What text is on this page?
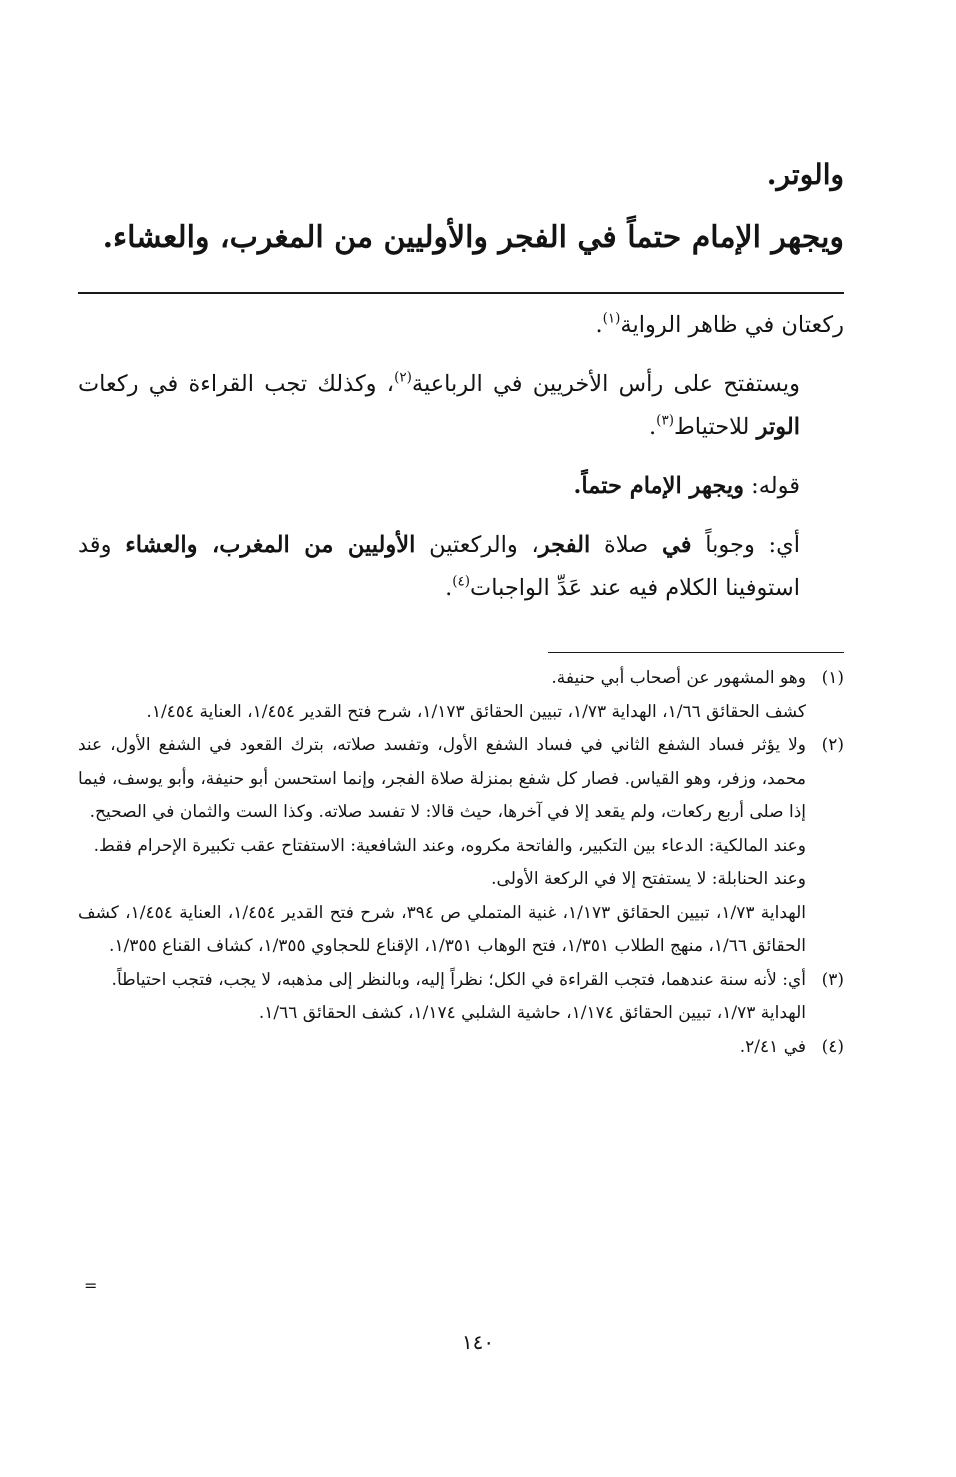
والوتر.

ويجهر الإمام حتماً في الفجر والأوليين من المغرب، والعشاء.

ركعتان في ظاهر الرواية$^{(١)}$.

ويستفتح على رأس الأخريين في الرباعية$^{(٢)}$، وكذلك تجب القراءة في ركعات الوتر للاحتياط$^{(٣)}$.

قوله: ويجهر الإمام حتماً.

أي: وجوباً في صلاة الفجر، والركعتين الأوليين من المغرب، والعشاء وقد استوفينا الكلام فيه عند عَدِّ الواجبات$^{(٤)}$.

(١)

وهو المشهور عن أصحاب أبي حنيفة.

كشف الحقائق ١/٦٦، الهداية ١/٧٣، تبيين الحقائق ١/١٧٣، شرح فتح القدير ١/٤٥٤، العناية ١/٤٥٤.

(٢)

ولا يؤثر فساد الشفع الثاني في فساد الشفع الأول، وتفسد صلاته، بترك القعود في الشفع الأول، عند محمد، وزفر، وهو القياس. فصار كل شفع بمنزلة صلاة الفجر، وإنما استحسن أبو حنيفة، وأبو يوسف، فيما إذا صلى أربع ركعات، ولم يقعد إلا في آخرها، حيث قالا: لا تفسد صلاته. وكذا الست والثمان في الصحيح.

وعند المالكية: الدعاء بين التكبير، والفاتحة مكروه، وعند الشافعية: الاستفتاح عقب تكبيرة الإحرام فقط.

وعند الحنابلة: لا يستفتح إلا في الركعة الأولى.

الهداية ١/٧٣، تبيين الحقائق ١/١٧٣، غنية المتملي ص ٣٩٤، شرح فتح القدير ١/٤٥٤، العناية ١/٤٥٤، كشف الحقائق ١/٦٦، منهج الطلاب ١/٣٥١، فتح الوهاب ١/٣٥١، الإقناع للحجاوي ١/٣٥٥، كشاف القناع ١/٣٥٥.

(٣)

أي: لأنه سنة عندهما، فتجب القراءة في الكل؛ نظراً إليه، وبالنظر إلى مذهبه، لا يجب، فتجب احتياطاً.

الهداية ١/٧٣، تبيين الحقائق ١/١٧٤، حاشية الشلبي ١/١٧٤، كشف الحقائق ١/٦٦.

(٤)

في ٢/٤١.

=
١٤٠
